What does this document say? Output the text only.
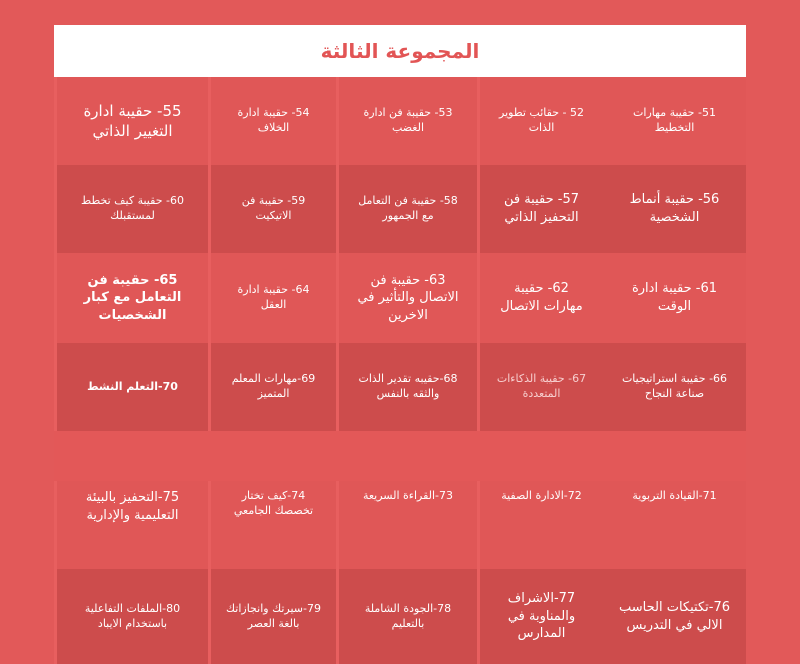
المجموعة الثالثة
51- حقيبة مهارات التخطيط
52 - حقائب تطوير الذات
53- حقيبة فن ادارة الغضب
54- حقيبة ادارة الخلاف
55- حقيبة ادارة التغيير الذاتي
56- حقيبة أنماط الشخصية
57- حقيبة فن التحفيز الذاتي
58- حقيبة فن التعامل مع الجمهور
59- حقيبة فن الاتيكيت
60- حقيبة كيف تخطط لمستقبلك
61- حقيبة ادارة الوقت
62- حقيبة مهارات الاتصال
63- حقيبة فن الاتصال والتأثير في الاخرين
64- حقيبة ادارة العقل
65- حقيبة فن التعامل مع كبار الشخصيات
66- حقيبة استراتيجيات صناعة النجاح
67- حقيبة الذكاءات المتعددة
68-حقيبه تقدير الذات والثقه بالنفس
69-مهارات المعلم المتميز
70-التعلم النشط
71-القيادة التربوية
72-الادارة الصفية
73-القراءة السريعة
74-كيف تختار تخصصك الجامعي
75-التحفيز بالبيئة التعليمية والإدارية
76-تكتيكات الحاسب الالي في التدريس
77-الاشراف والمناوبة في المدارس
78-الجودة الشاملة بالتعليم
79-سيرتك وانجازاتك بالغة العصر
80-الملفات التفاعلية باستخدام الايباد
